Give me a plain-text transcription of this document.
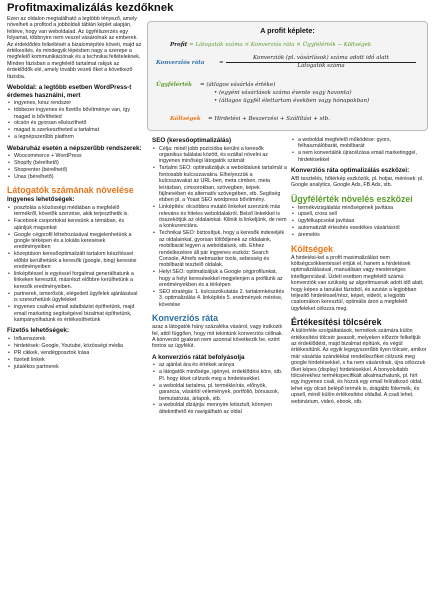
Profitmaximalizálás kezdőknek
A profit képlete:
Profit = Látogatók száma × Konverziós ráta × Ügyfélérték − Költségek
Konverziós ráta	=
Konverziók (pl. vásárlások) száma adott idő alatt
Látogatók száma
Ügyfélérték = (átlagos vásárlás értéke)
• (egyéni vásárlások száma évente vagy havonta)
• (átlagos ügyfél élettartam években vagy hónapokban)
Költségek = Hirdetési + Beszerzési + Szállítási + stb.

Ezen az oldalon megtalálható a legtöbb tényező, amely növelheti a profitod a jobboldali táblán képlet alapján, feltéve, hogy van weboldalad. Az ügyfélszerzés egy folyamat, többnyire nem veszel vásárolnak az emberek. Az érdeklődés felkeltését a bizalomépítés követi, majd az értékesítés, és mindegyik lépésben nagy a szerepe a megfelelő kommunikációnak és a technikai feltételeknek. Minden fázisban a megfelelő tartalmat rakjuk az érdeklődők elé, amely tovább vezeti őket a következő fázisba.

Weboldal: a legtöbb esetben WordPress-t érdemes használni, mert
• ingyenes, kész rendszer
• többezer ingyenes és fizetős bővítménye van, így magad is bővítheted
• olcsón és gyorsan elkészíthető
• magad is szerkesztheted a tartalmat
• a legnépszerűbb platform
Webáruház esetén a népszerűbb rendszerek:
• Woocommerce + WordPress
• Shopify (bérelhető)
• Shoprenter (bérelhető)
• Unas (bérelhető)
Látogatók számának növelése
Ingyenes lehetőségek:
• posztolás a közösségi médiában a megfelelő termékről, követők szerzése, akik terjeszthetik is.
• Facebook csoportokat keresünk a témában, és ajánljuk magunkat
• Google cégprofil létrehozásával megjelenhetünk a google térképen és a lokális keresések eredményeiben
• közeptávon keresőoptimalizált tartalom készítéssel előbbi kerülhetünk a keresők (google, bing) keresési eredményeiben
• linképítéssel is egyéssel forgalmat generálhatunk a linkeken keresztül, másrészt előbbre kerülhetünk a keresők eredményeiben.
• partnerek, ismerősök, elégedett ügyfelek ajánlásával is szerezhetünk ügyfeleket
• ingyenes csalival email adatbázist építhetünk, majd email marketing segítségével bizalmat építhetünk, kampányolhatunk és értékesíthetünk
Fizetős lehetőségek:
• Influenszerek
• hirdetések: Google, Youtube, közösségi média
• PR cikkek, vendégposztok írása
• fizetett linkek
• jutalékos partnerek
SEO (keresőoptimalizálás)
• Célja: minél jobb pozícióba kerülni a keresők organikus találatai között, és ezáltal növelni az ingyenes minőségi látogatók számát
• Tartalmi SEO: optimalizáljuk a weboldalunk tartalmát a fontosabb kulcsszavakra. Elhelyezzük a kulcsszavakat az URL-ben, meta címben, meta leírásban, címsorokban, szövegben, képek fájlnevében és alternatív szövegében, stb. Segítség ebben pl. a Yoast SEO wordpress bővítmény.
• Linképítés: olcsóbbra mutató linkeket szerzünk más releváns és hiteles weboldalakról. Belső linkekkel is összekötjük az oldalainkat. Kilinik is linkeljünk, de nem a konkurenciára.
• Technikai SEO: biztosítjuk, hogy a keresők indexeljék az oldalainkat, gyorsan töltődjenek az oldalaink, mobilbarát legyen a weboldalunk, stb. Ehhez rendelkezésre áll pár ingyenes eszköz: Search Console, Ahrefs webmaster tools, sebesség és mobilbarát tesztelő oldalak.
• Helyi SEO: optimalizáljuk a Google cégprofilunkat, hogy a helyi keresésekkel megjelenjen a profilunk az eredményekben és a térképen
• SEO stratégia: 1. kulcsszókutatás 2. tartalomkészítés 3. optimalizálás 4. linképítés 5. eredmények mérése, követése
Konverziós ráta

azaz a látogatók hány százaléka vásárol, vagy iratkozik fel, attól függően, hogy mit tekintünk konverziós céllnak. A konverzió gyakran nem azonnal következik be, ezért fontos az ügyfélút.

A konverziós rátát befolyásolja
• az ajánlat ára és értékek aránya
• a látogatók minősége, igényei, érdeklődési köre, stb. Pl. hogy kiket célzunk meg a hirdetésekkel.
• a weboldal tartalma, pl. termékleírás, előnyök, garancia, vásárlói vélemények, portfólió, bónuszok, bemutatózás, árlapok, stb.
• a weboldal dizájnja: mennyire letisztult, könnyen áttekinthető és navigálható az oldal
• a weboldal megfelelő működése: gyors, felhasználóbarát, mobilbarát
• a nem konvertálók újracélzása email marketinggel, hirdetésekkel
Konverziós ráta optimalizálás eszközei:

A/B tesztelés, hőtérkép eszközök, pl. hotjar, mérések: pl. Google analytics, Google Ads, FB Ads, stb.

Ügyfélérték növelés eszközei
• termékvizsgálatás minőségének javítása
• upsell, cross sell
• ügyfélkapcsolat javítása
• automatizált értesítés esedékes vásárlásról
• áremelés
Költségek

A hirdetési-kel a profit maximalizálást nem költségcsökkentéssel értjük el, hanem a hirdetések optimalizálásával, manuálisan vagy mesterséges intelligenciával. Üzleti esetben megfelelő számú konverziók van szükség az algoritmusnak adott idő alatt, hogy képes a tanulási fázisból, és azután a legjobban teljesítő hirdetéssel/rész, képet, videót, a legjobb csatornákon keresztül, optimális áron a megfelelő ügyfeleket célozza meg.

Értékesítési tölcsérek

A különféle szolgáltatások, termékek számára külön értékesítési tölcsér javasolt, melyeken előzzör felkeltjük az érdeklődést, majd bizalmat építünk, és végül értékesítünk. Az egyik legegyszerűbb ilyen tölcsér, amikor már vásárlás szándékkal rendelkezőket célzunk meg google hirdetésekkel, s ha nem vásárolnak, újra célozzuk őket képes (display) hirdetésekkel. A bonyolultabb tölcsérekhez termékspecifikált alkalmazhatunk, pl. hírt egy ingyenes csali, és hozzá egy email felíratkozó oldal, lehet egy olcsó belépő termék is, drágább fölermék, és upsell, minél külön értékesítési oldallal. A csali lehet, webinárium, videó, ebook, stb.
